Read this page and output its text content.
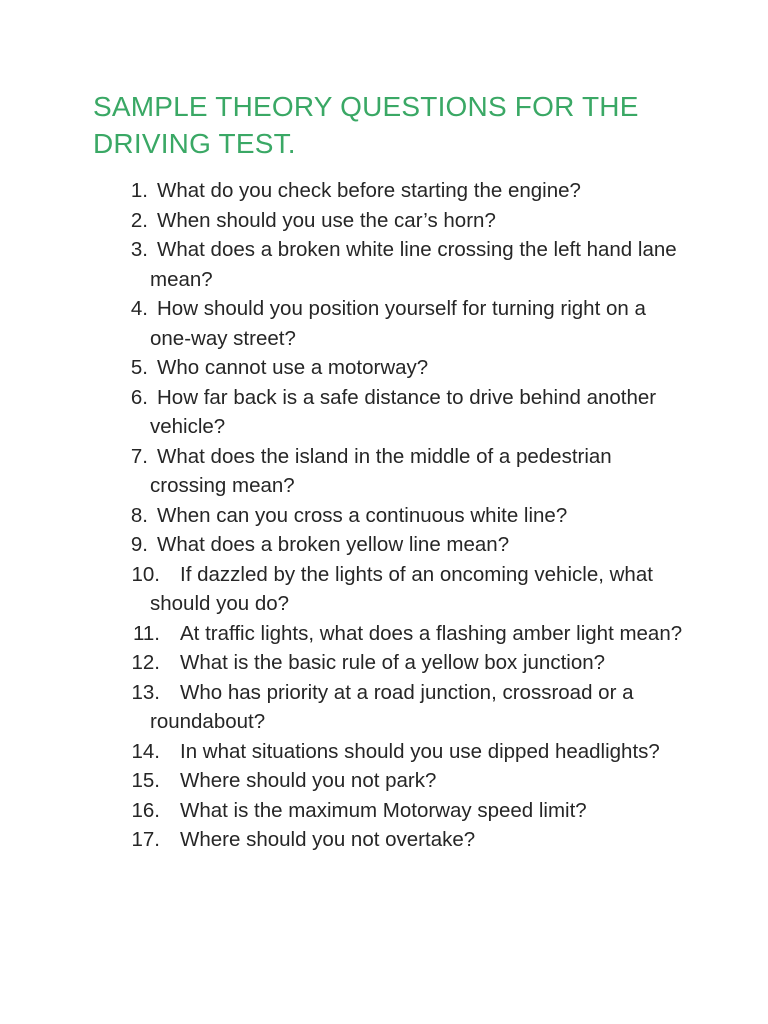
SAMPLE THEORY QUESTIONS FOR THE DRIVING TEST.
1. What do you check before starting the engine?
2. When should you use the car’s horn?
3. What does a broken white line crossing the left hand lane mean?
4. How should you position yourself for turning right on a one-way street?
5. Who cannot use a motorway?
6. How far back is a safe distance to drive behind another vehicle?
7. What does the island in the middle of a pedestrian crossing mean?
8. When can you cross a continuous white line?
9. What does a broken yellow line mean?
10. If dazzled by the lights of an oncoming vehicle, what should you do?
11. At traffic lights, what does a flashing amber light mean?
12. What is the basic rule of a yellow box junction?
13. Who has priority at a road junction, crossroad or a roundabout?
14. In what situations should you use dipped headlights?
15. Where should you not park?
16. What is the maximum Motorway speed limit?
17. Where should you not overtake?
